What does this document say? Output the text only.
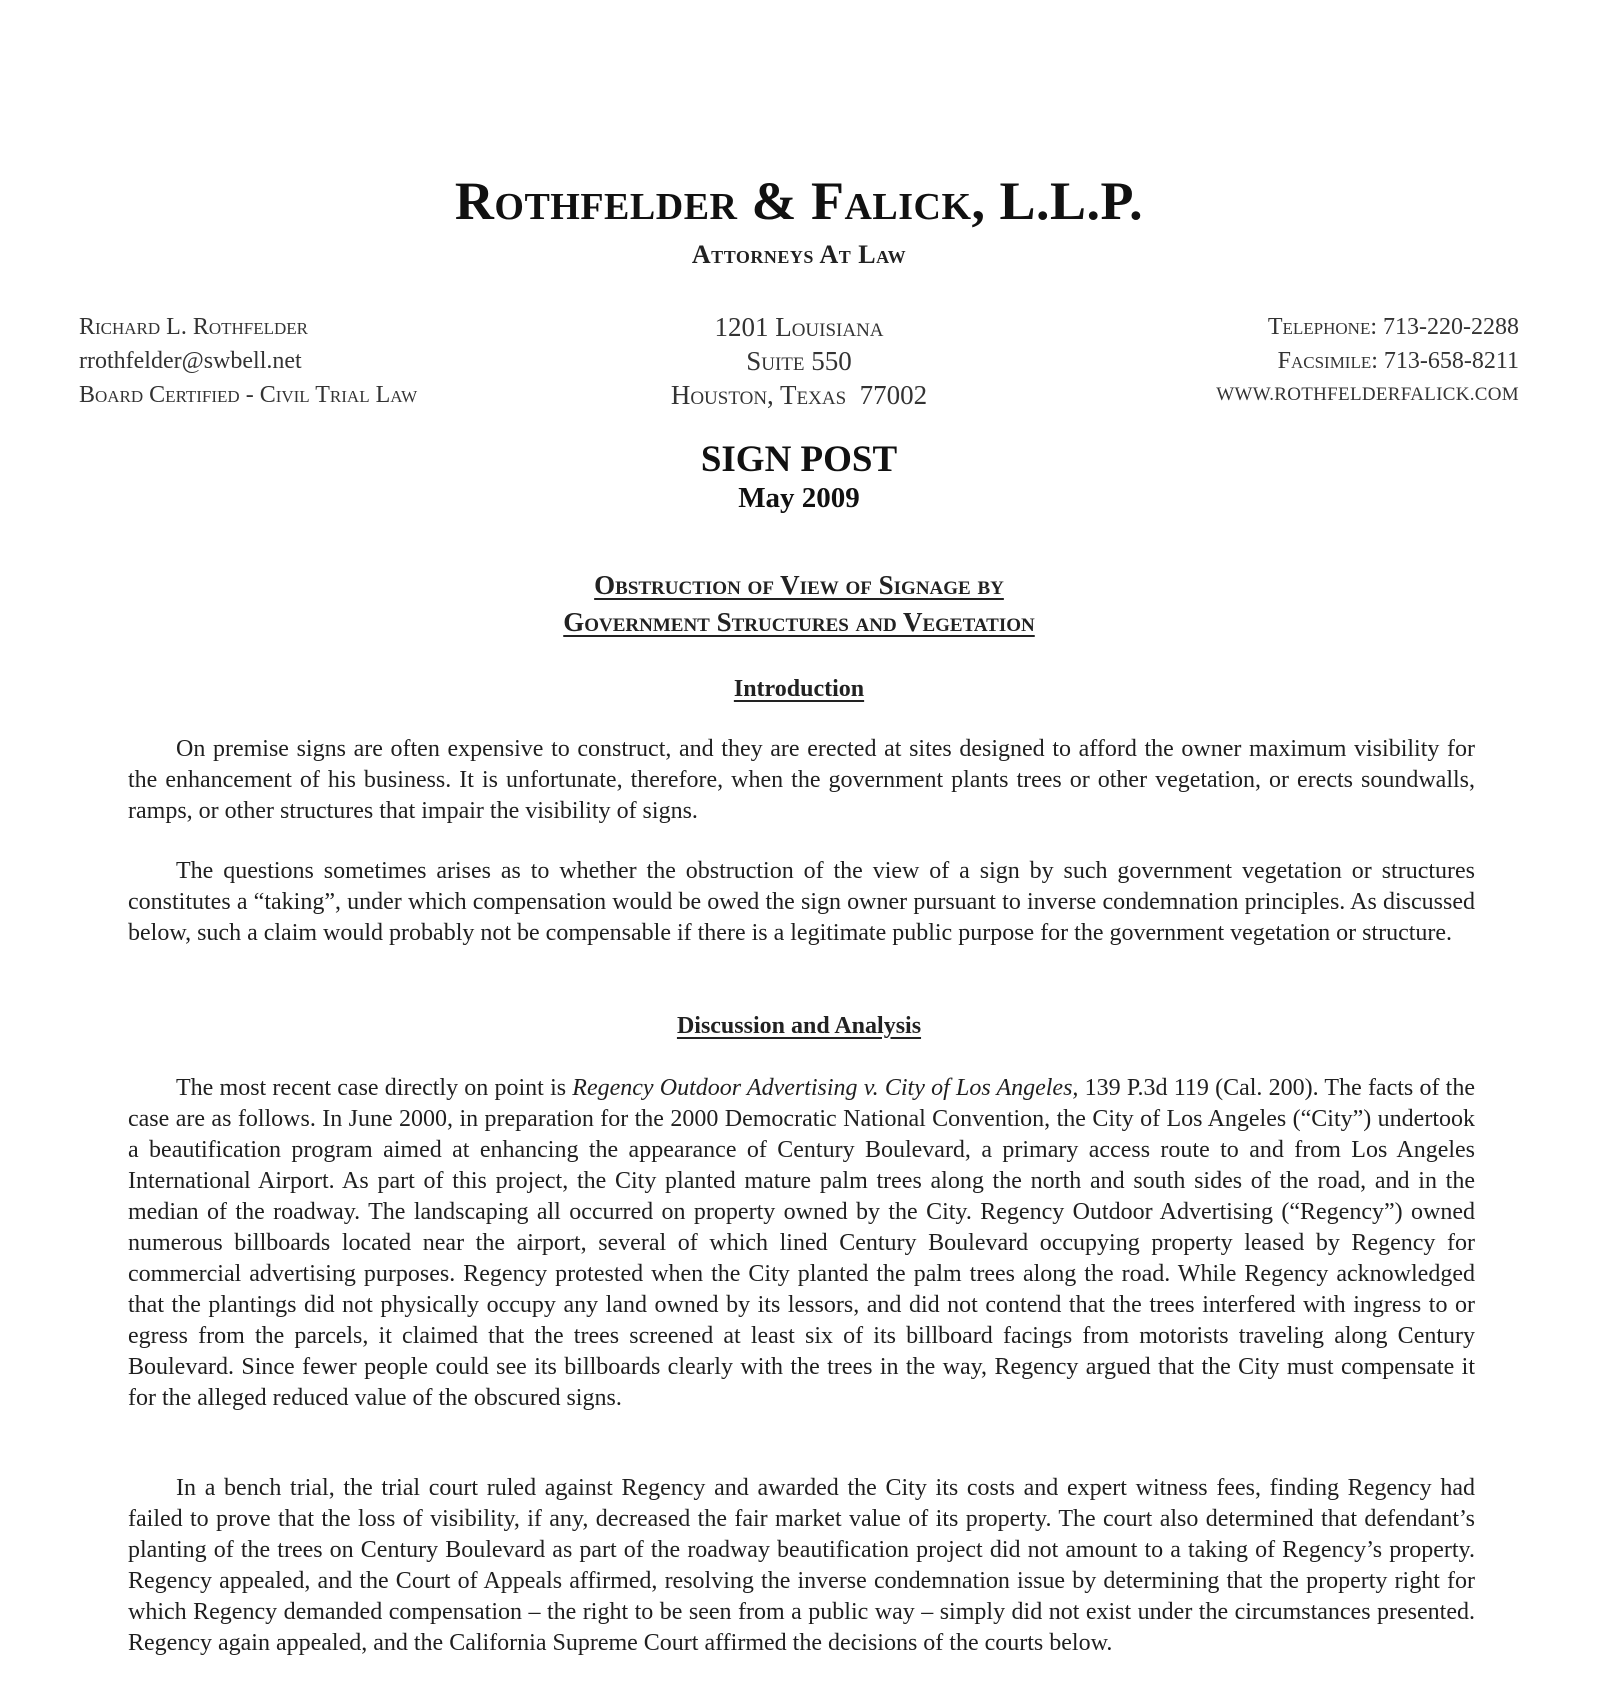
Rothfelder & Falick, L.L.P.
Attorneys At Law
Richard L. Rothfelder
rrothfelder@swbell.net
Board Certified - Civil Trial Law
1201 Louisiana
Suite 550
Houston, Texas 77002
Telephone: 713-220-2288
Facsimile: 713-658-8211
WWW.ROTHFELDERFALICK.COM
SIGN POST
May 2009
Obstruction of View of Signage by
Government Structures and Vegetation
Introduction
On premise signs are often expensive to construct, and they are erected at sites designed to afford the owner maximum visibility for the enhancement of his business. It is unfortunate, therefore, when the government plants trees or other vegetation, or erects soundwalls, ramps, or other structures that impair the visibility of signs.
The questions sometimes arises as to whether the obstruction of the view of a sign by such government vegetation or structures constitutes a “taking”, under which compensation would be owed the sign owner pursuant to inverse condemnation principles. As discussed below, such a claim would probably not be compensable if there is a legitimate public purpose for the government vegetation or structure.
Discussion and Analysis
The most recent case directly on point is Regency Outdoor Advertising v. City of Los Angeles, 139 P.3d 119 (Cal. 200). The facts of the case are as follows. In June 2000, in preparation for the 2000 Democratic National Convention, the City of Los Angeles (“City”) undertook a beautification program aimed at enhancing the appearance of Century Boulevard, a primary access route to and from Los Angeles International Airport. As part of this project, the City planted mature palm trees along the north and south sides of the road, and in the median of the roadway. The landscaping all occurred on property owned by the City. Regency Outdoor Advertising (“Regency”) owned numerous billboards located near the airport, several of which lined Century Boulevard occupying property leased by Regency for commercial advertising purposes. Regency protested when the City planted the palm trees along the road. While Regency acknowledged that the plantings did not physically occupy any land owned by its lessors, and did not contend that the trees interfered with ingress to or egress from the parcels, it claimed that the trees screened at least six of its billboard facings from motorists traveling along Century Boulevard. Since fewer people could see its billboards clearly with the trees in the way, Regency argued that the City must compensate it for the alleged reduced value of the obscured signs.
In a bench trial, the trial court ruled against Regency and awarded the City its costs and expert witness fees, finding Regency had failed to prove that the loss of visibility, if any, decreased the fair market value of its property. The court also determined that defendant’s planting of the trees on Century Boulevard as part of the roadway beautification project did not amount to a taking of Regency’s property. Regency appealed, and the Court of Appeals affirmed, resolving the inverse condemnation issue by determining that the property right for which Regency demanded compensation – the right to be seen from a public way – simply did not exist under the circumstances presented. Regency again appealed, and the California Supreme Court affirmed the decisions of the courts below.
